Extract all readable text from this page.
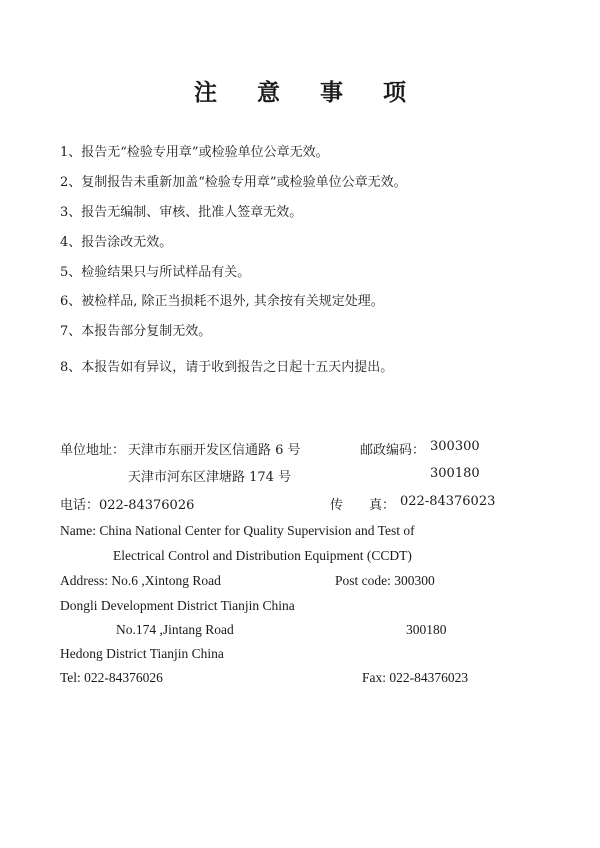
注 意 事 项
1、报告无“检验专用章”或检验单位公章无效。
2、复制报告未重新加盖“检验专用章”或检验单位公章无效。
3、报告无编制、审核、批准人签章无效。
4、报告涂改无效。
5、检验结果只与所试样品有关。
6、被检样品, 除正当损耗不退外, 其余按有关规定处理。
7、本报告部分复制无效。
8、本报告如有异议，请于收到报告之日起十五天内提出。
单位地址： 天津市东丽开发区信通路 6 号	邮政编码： 300300
天津市河东区津塘路 174 号	300180
电话：022-84376026	传　　真： 022-84376023
Name: China National Center for Quality Supervision and Test of
Electrical Control and Distribution Equipment (CCDT)
Address: No.6 ,Xintong Road	Post code: 300300
Dongli Development District Tianjin China
No.174 ,Jintang Road	300180
Hedong District Tianjin China
Tel: 022-84376026	Fax: 022-84376023
